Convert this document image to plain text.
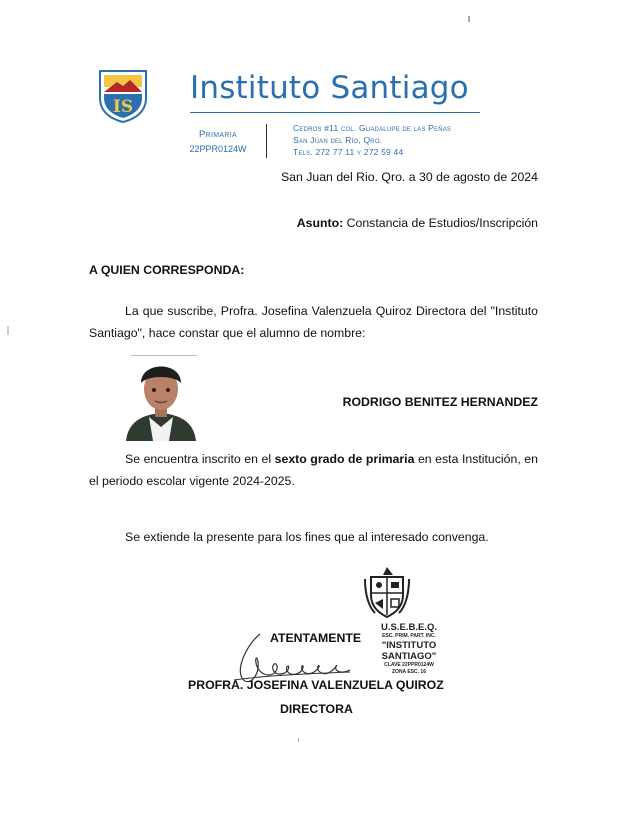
IS
Instituto Santiago
Primaria
22PPR0124W
Cedros #11 col. Guadalupe de las Peñas
San Juan del Río, Qro.
Tels. 272 77 11 y 272 59 44
San Juan del Rio. Qro. a 30 de agosto de 2024
Asunto: Constancia de Estudios/Inscripción
A QUIEN CORRESPONDA:
La que suscribe, Profra. Josefina Valenzuela Quiroz Directora del "Instituto Santiago", hace constar que el alumno de nombre:
RODRIGO BENITEZ HERNANDEZ
Se encuentra inscrito en el sexto grado de primaria en esta Institución, en el periodo escolar vigente 2024-2025.
Se extiende la presente para los fines que al interesado convenga.
U.S.E.B.E.Q.
ESC. PRIM. PART. INC.
"INSTITUTO
SANTIAGO"
CLAVE 22PPR0124W
ZONA ESC. 16
ATENTAMENTE
PROFRA. JOSEFINA VALENZUELA QUIROZ
DIRECTORA
